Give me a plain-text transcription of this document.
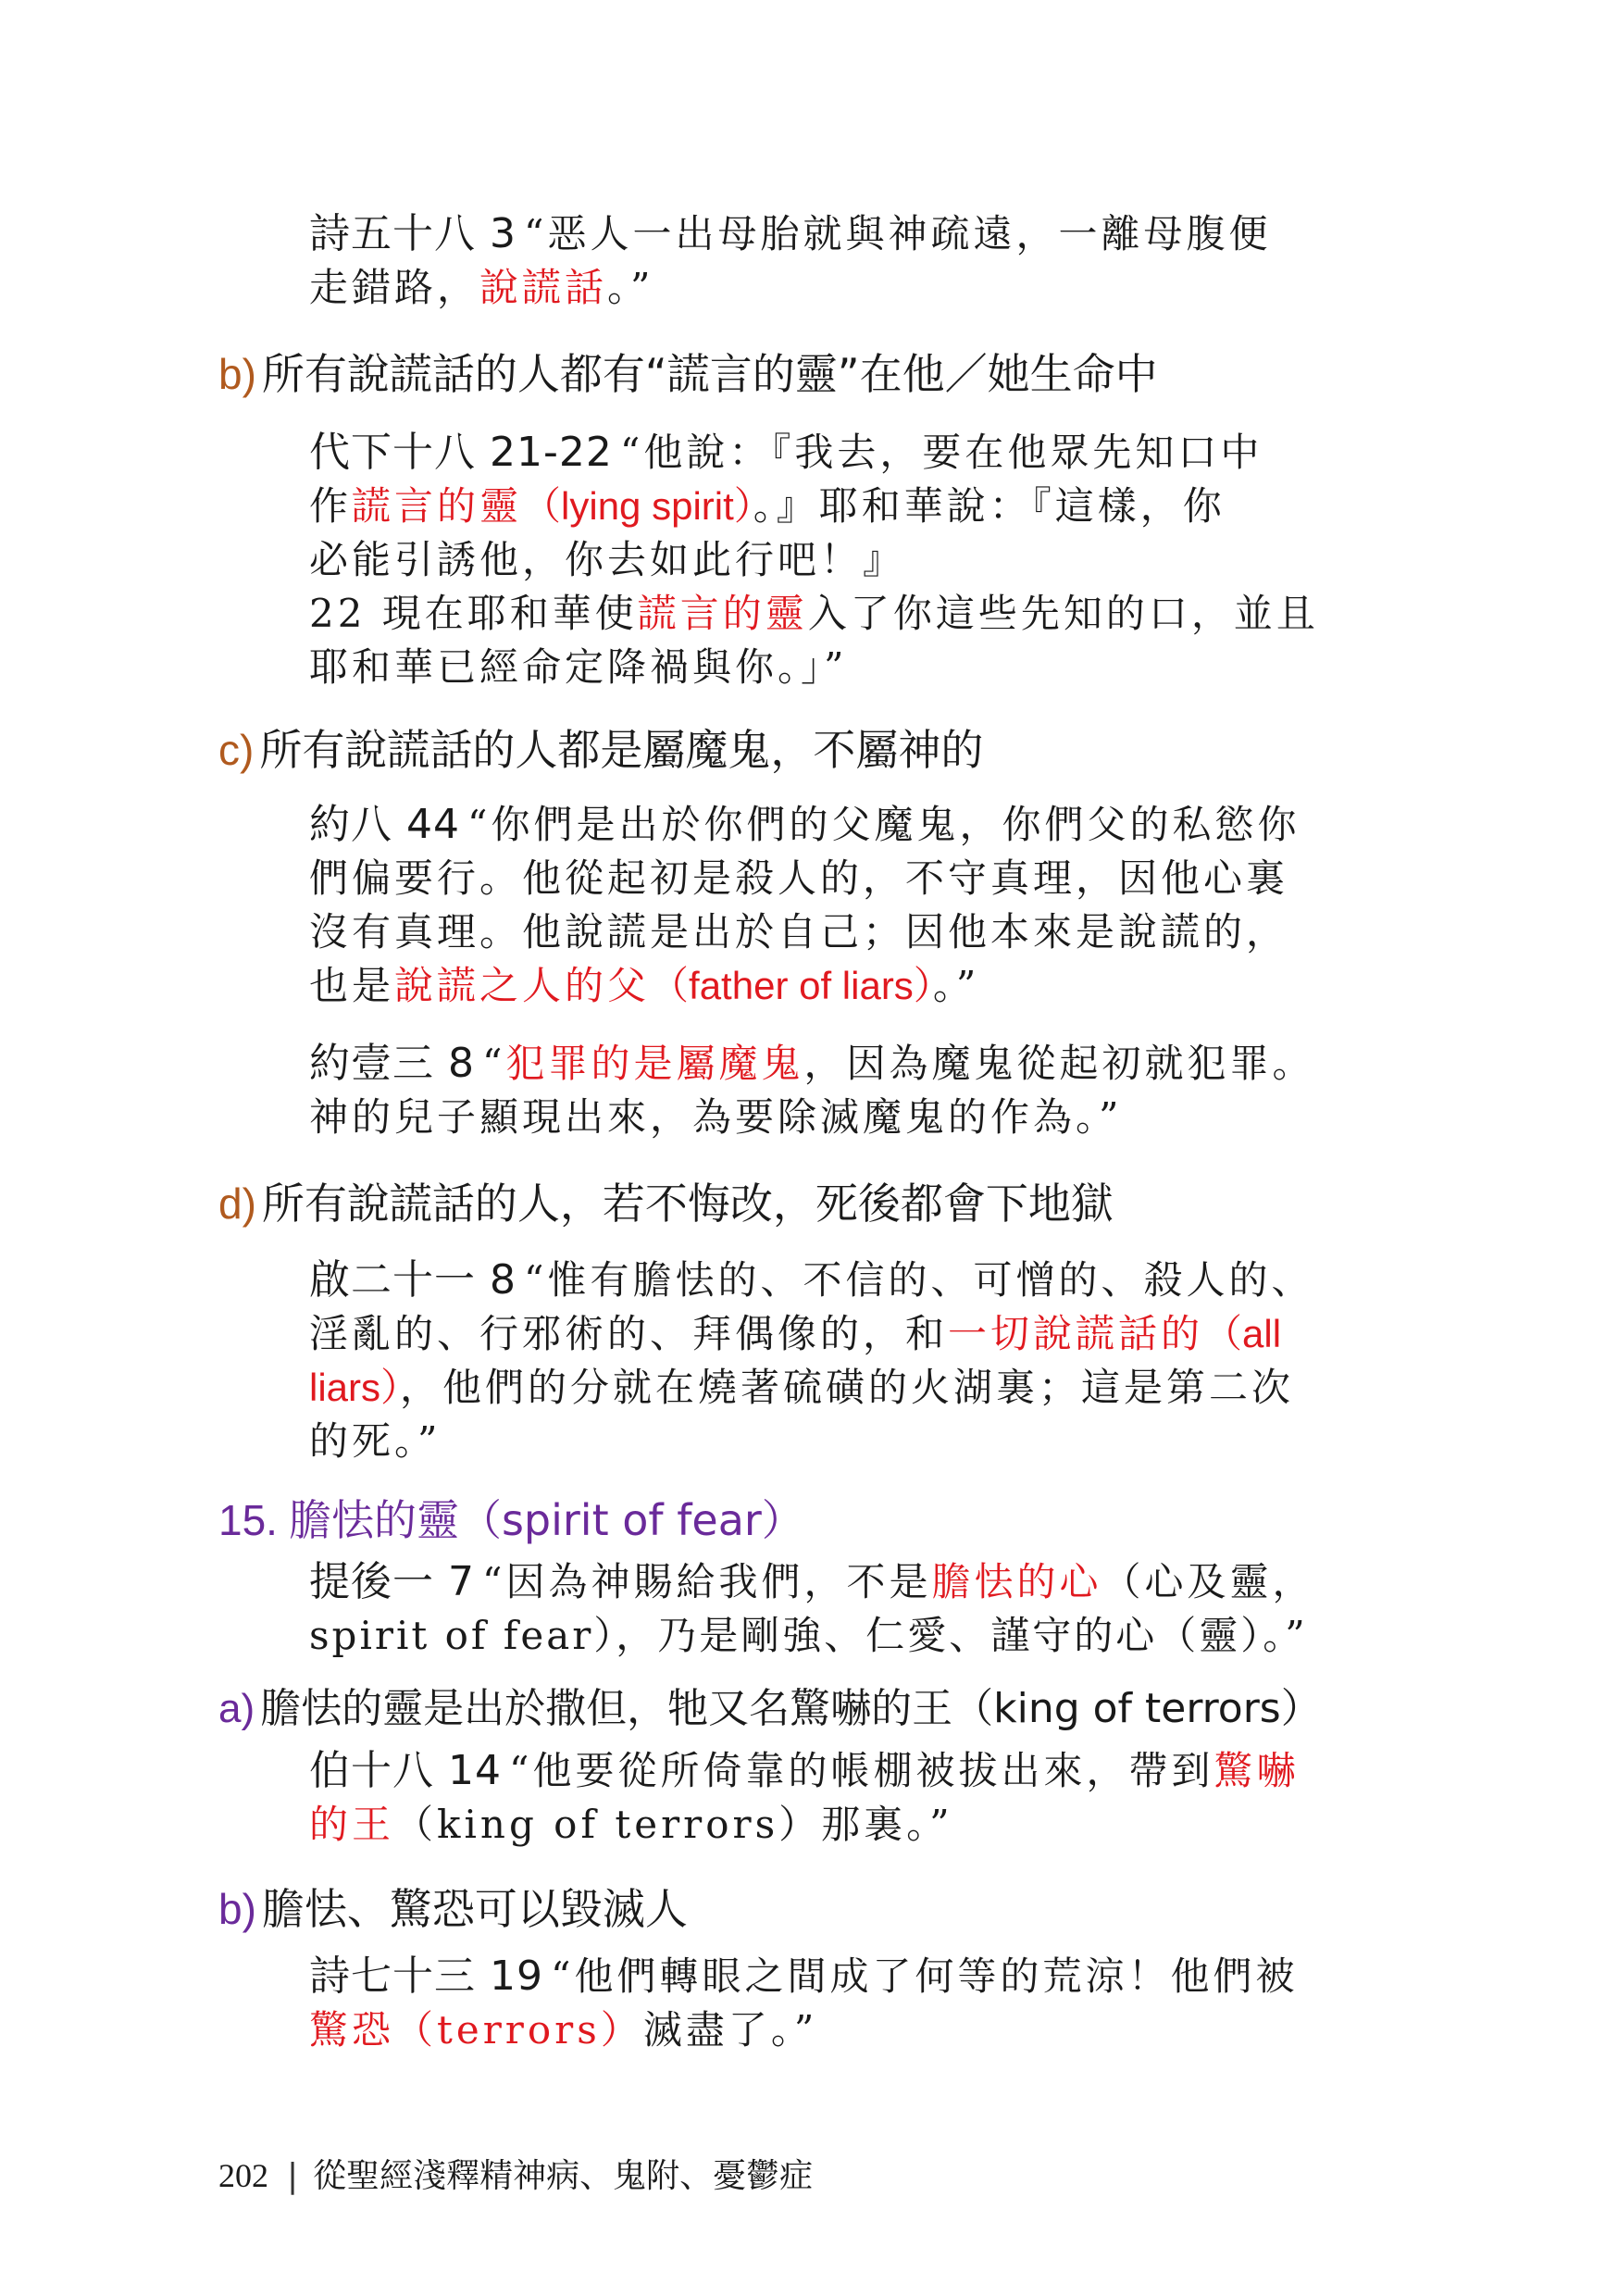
詩五十八 3 “恶人一出母胎就與神疏遠，一離母腹便
走錯路，說謊話。”
b) 所有說謊話的人都有“謊言的靈”在他／她生命中
代下十八 21-22 “他說：『我去，要在他眾先知口中
作謊言的靈（lying spirit）。』耶和華說：『這樣，你
必能引誘他，你去如此行吧！』
22 現在耶和華使謊言的靈入了你這些先知的口，並且
耶和華已經命定降禍與你。」”
c) 所有說謊話的人都是屬魔鬼，不屬神的
約八 44 “你們是出於你們的父魔鬼，你們父的私慾你
們偏要行。他從起初是殺人的，不守真理，因他心裏
沒有真理。他說謊是出於自己；因他本來是說謊的，
也是說謊之人的父（father of liars）。”
約壹三 8 “犯罪的是屬魔鬼，因為魔鬼從起初就犯罪。
神的兒子顯現出來，為要除滅魔鬼的作為。”
d) 所有說謊話的人，若不悔改，死後都會下地獄
啟二十一 8 “惟有膽怯的、不信的、可憎的、殺人的、
淫亂的、行邪術的、拜偶像的，和一切說謊話的（all
liars），他們的分就在燒著硫磺的火湖裏；這是第二次
的死。”
15. 膽怯的靈（spirit of fear）
提後一 7 “因為神賜給我們，不是膽怯的心（心及靈，
spirit of fear），乃是剛強、仁愛、謹守的心（靈）。”
a) 膽怯的靈是出於撒但，牠又名驚嚇的王（king of terrors）
伯十八 14 “他要從所倚靠的帳棚被拔出來，帶到驚嚇
的王（king of terrors）那裏。”
b) 膽怯、驚恐可以毀滅人
詩七十三 19 “他們轉眼之間成了何等的荒涼！他們被
驚恐（terrors）滅盡了。”
202 | 從聖經淺釋精神病、鬼附、憂鬱症
